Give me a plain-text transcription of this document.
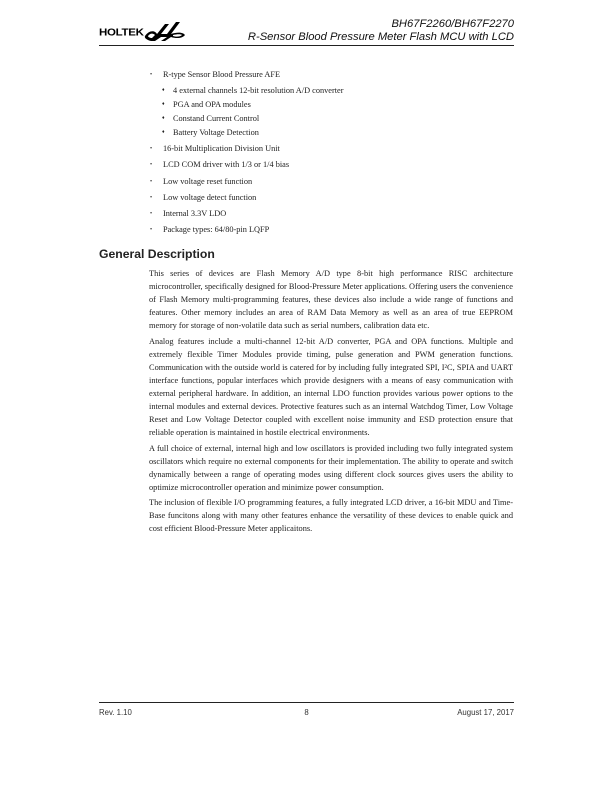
HOLTEK
BH67F2260/BH67F2270
R-Sensor Blood Pressure Meter Flash MCU with LCD
• R-type Sensor Blood Pressure AFE
♦ 4 external channels 12-bit resolution A/D converter
♦ PGA and OPA modules
♦ Constand Current Control
♦ Battery Voltage Detection
• 16-bit Multiplication Division Unit
• LCD COM driver with 1/3 or 1/4 bias
• Low voltage reset function
• Low voltage detect function
• Internal 3.3V LDO
• Package types: 64/80-pin LQFP
General Description

This series of devices are Flash Memory A/D type 8-bit high performance RISC architecture microcontroller, specifically designed for Blood-Pressure Meter applications. Offering users the convenience of Flash Memory multi-programming features, these devices also include a wide range of functions and features. Other memory includes an area of RAM Data Memory as well as an area of true EEPROM memory for storage of non-volatile data such as serial numbers, calibration data etc.

Analog features include a multi-channel 12-bit A/D converter, PGA and OPA functions. Multiple and extremely flexible Timer Modules provide timing, pulse generation and PWM generation functions. Communication with the outside world is catered for by including fully integrated SPI, I²C, SPIA and UART interface functions, popular interfaces which provide designers with a means of easy communication with external peripheral hardware. In addition, an internal LDO function provides various power options to the internal modules and external devices. Protective features such as an internal Watchdog Timer, Low Voltage Reset and Low Voltage Detector coupled with excellent noise immunity and ESD protection ensure that reliable operation is maintained in hostile electrical environments.

A full choice of external, internal high and low oscillators is provided including two fully integrated system oscillators which require no external components for their implementation. The ability to operate and switch dynamically between a range of operating modes using different clock sources gives users the ability to optimize microcontroller operation and minimize power consumption.

The inclusion of flexible I/O programming features, a fully integrated LCD driver, a 16-bit MDU and Time-Base funcitons along with many other features enhance the versatility of these devices to enable quick and cost efficient Blood-Pressure Meter applicaitons.

Rev. 1.10	8	August 17, 2017
